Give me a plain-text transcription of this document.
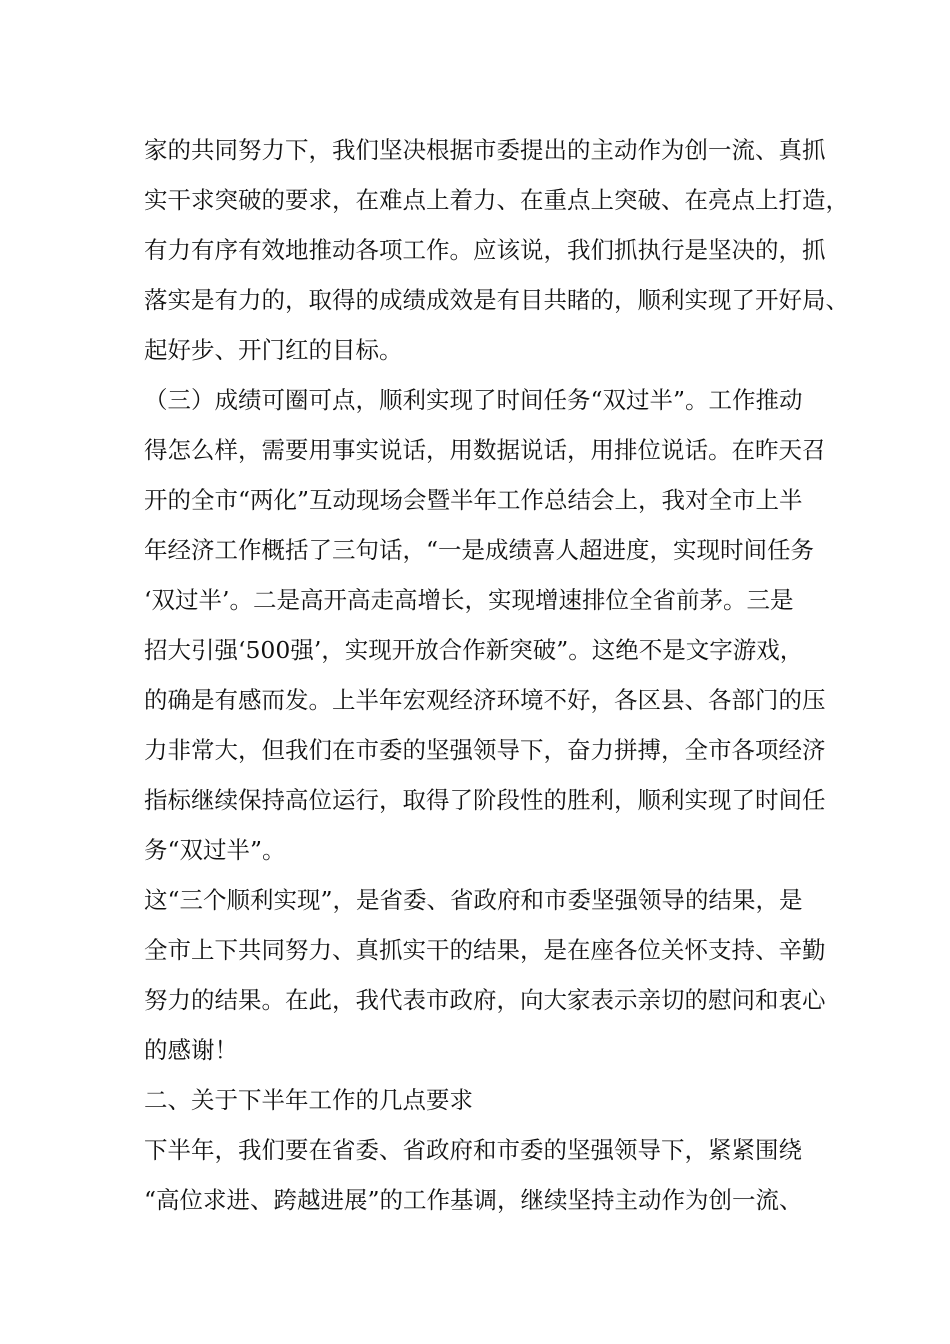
家的共同努力下，我们坚决根据市委提出的主动作为创一流、真抓
实干求突破的要求，在难点上着力、在重点上突破、在亮点上打造，
有力有序有效地推动各项工作。应该说，我们抓执行是坚决的，抓
落实是有力的，取得的成绩成效是有目共睹的，顺利实现了开好局、
起好步、开门红的目标。
（三）成绩可圈可点，顺利实现了时间任务“双过半”。工作推动
得怎么样，需要用事实说话，用数据说话，用排位说话。在昨天召
开的全市“两化”互动现场会暨半年工作总结会上，我对全市上半
年经济工作概括了三句话，“一是成绩喜人超进度，实现时间任务
‘双过半’。二是高开高走高增长，实现增速排位全省前茅。三是
招大引强‘500强’，实现开放合作新突破”。这绝不是文字游戏，
的确是有感而发。上半年宏观经济环境不好，各区县、各部门的压
力非常大，但我们在市委的坚强领导下，奋力拼搏，全市各项经济
指标继续保持高位运行，取得了阶段性的胜利，顺利实现了时间任
务“双过半”。
这“三个顺利实现”，是省委、省政府和市委坚强领导的结果，是
全市上下共同努力、真抓实干的结果，是在座各位关怀支持、辛勤
努力的结果。在此，我代表市政府，向大家表示亲切的慰问和衷心
的感谢！
二、关于下半年工作的几点要求
下半年，我们要在省委、省政府和市委的坚强领导下，紧紧围绕
“高位求进、跨越进展”的工作基调，继续坚持主动作为创一流、
